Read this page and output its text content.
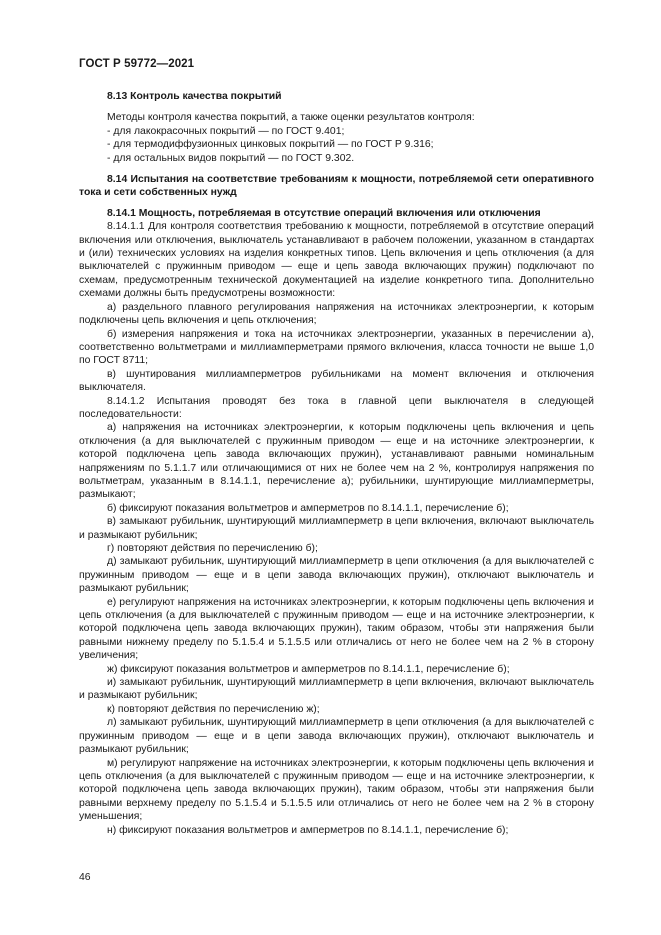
ГОСТ Р 59772—2021

8.13 Контроль качества покрытий

Методы контроля качества покрытий, а также оценки результатов контроля:

- для лакокрасочных покрытий — по ГОСТ 9.401;

- для термодиффузионных цинковых покрытий — по ГОСТ Р 9.316;

- для остальных видов покрытий — по ГОСТ 9.302.

8.14 Испытания на соответствие требованиям к мощности, потребляемой сети оперативного тока и сети собственных нужд

8.14.1 Мощность, потребляемая в отсутствие операций включения или отключения

8.14.1.1 Для контроля соответствия требованию к мощности, потребляемой в отсутствие операций включения или отключения, выключатель устанавливают в рабочем положении, указанном в стандартах и (или) технических условиях на изделия конкретных типов. Цепь включения и цепь отключения (а для выключателей с пружинным приводом — еще и цепь завода включающих пружин) подключают по схемам, предусмотренным технической документацией на изделие конкретного типа. Дополнительно схемами должны быть предусмотрены возможности:

а) раздельного плавного регулирования напряжения на источниках электроэнергии, к которым подключены цепь включения и цепь отключения;

б) измерения напряжения и тока на источниках электроэнергии, указанных в перечислении а), соответственно вольтметрами и миллиамперметрами прямого включения, класса точности не выше 1,0 по ГОСТ 8711;

в) шунтирования миллиамперметров рубильниками на момент включения и отключения выключателя.

8.14.1.2 Испытания проводят без тока в главной цепи выключателя в следующей последовательности:

а) напряжения на источниках электроэнергии, к которым подключены цепь включения и цепь отключения (а для выключателей с пружинным приводом — еще и на источнике электроэнергии, к которой подключена цепь завода включающих пружин), устанавливают равными номинальным напряжениям по 5.1.1.7 или отличающимися от них не более чем на 2 %, контролируя напряжения по вольтметрам, указанным в 8.14.1.1, перечисление а); рубильники, шунтирующие миллиамперметры, размыкают;

б) фиксируют показания вольтметров и амперметров по 8.14.1.1, перечисление б);

в) замыкают рубильник, шунтирующий миллиамперметр в цепи включения, включают выключатель и размыкают рубильник;

г) повторяют действия по перечислению б);

д) замыкают рубильник, шунтирующий миллиамперметр в цепи отключения (а для выключателей с пружинным приводом — еще и в цепи завода включающих пружин), отключают выключатель и размыкают рубильник;

е) регулируют напряжения на источниках электроэнергии, к которым подключены цепь включения и цепь отключения (а для выключателей с пружинным приводом — еще и на источнике электроэнергии, к которой подключена цепь завода включающих пружин), таким образом, чтобы эти напряжения были равными нижнему пределу по 5.1.5.4 и 5.1.5.5 или отличались от него не более чем на 2 % в сторону увеличения;

ж) фиксируют показания вольтметров и амперметров по 8.14.1.1, перечисление б);

и) замыкают рубильник, шунтирующий миллиамперметр в цепи включения, включают выключатель и размыкают рубильник;

к) повторяют действия по перечислению ж);

л) замыкают рубильник, шунтирующий миллиамперметр в цепи отключения (а для выключателей с пружинным приводом — еще и в цепи завода включающих пружин), отключают выключатель и размыкают рубильник;

м) регулируют напряжение на источниках электроэнергии, к которым подключены цепь включения и цепь отключения (а для выключателей с пружинным приводом — еще и на источнике электроэнергии, к которой подключена цепь завода включающих пружин), таким образом, чтобы эти напряжения были равными верхнему пределу по 5.1.5.4 и 5.1.5.5 или отличались от него не более чем на 2 % в сторону уменьшения;

н) фиксируют показания вольтметров и амперметров по 8.14.1.1, перечисление б);

46
